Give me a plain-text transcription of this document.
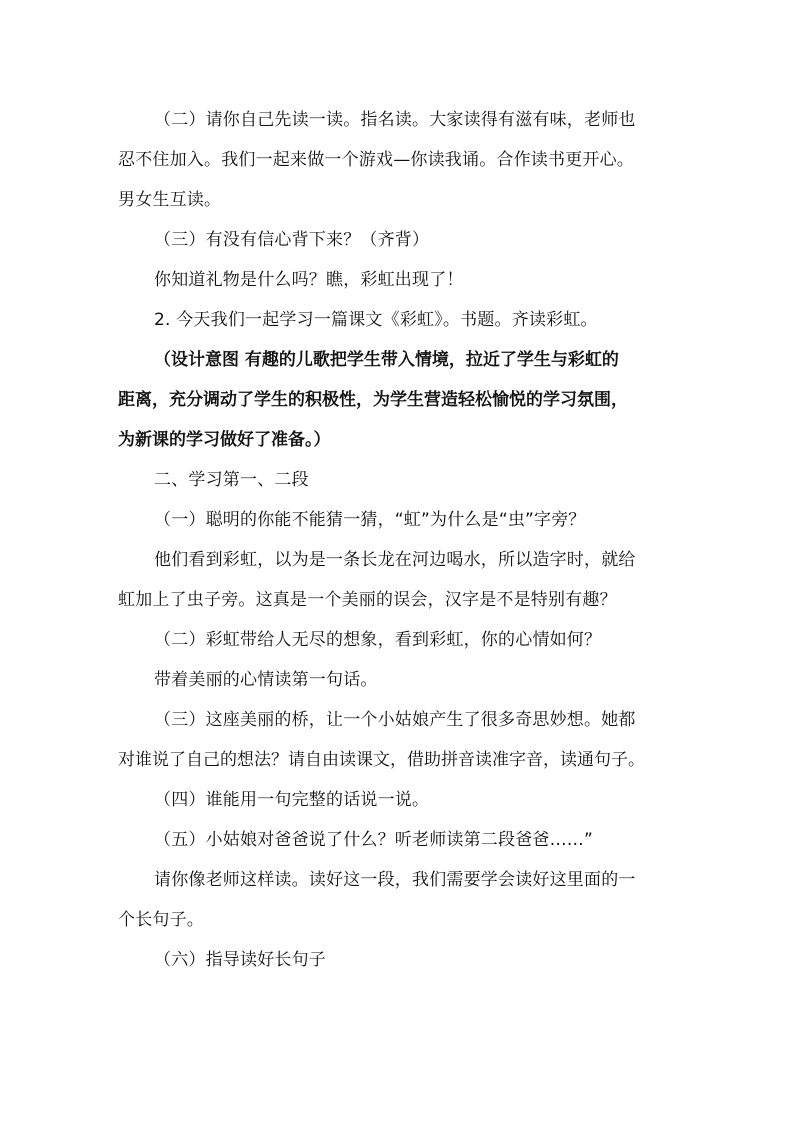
（二）请你自己先读一读。指名读。大家读得有滋有味，老师也
忍不住加入。我们一起来做一个游戏—你读我诵。合作读书更开心。
男女生互读。
（三）有没有信心背下来？（齐背）
你知道礼物是什么吗？瞧，彩虹出现了！
2. 今天我们一起学习一篇课文《彩虹》。书题。齐读彩虹。
（设计意图 有趣的儿歌把学生带入情境，拉近了学生与彩虹的
距离，充分调动了学生的积极性，为学生营造轻松愉悦的学习氛围，
为新课的学习做好了准备。）
二、学习第一、二段
（一）聪明的你能不能猜一猜，“虹”为什么是“虫”字旁？
他们看到彩虹，以为是一条长龙在河边喝水，所以造字时，就给
虹加上了虫子旁。这真是一个美丽的误会，汉字是不是特别有趣？
（二）彩虹带给人无尽的想象，看到彩虹，你的心情如何？
带着美丽的心情读第一句话。
（三）这座美丽的桥，让一个小姑娘产生了很多奇思妙想。她都
对谁说了自己的想法？请自由读课文，借助拼音读准字音，读通句子。
（四）谁能用一句完整的话说一说。
（五）小姑娘对爸爸说了什么？听老师读第二段爸爸……”
请你像老师这样读。读好这一段，我们需要学会读好这里面的一
个长句子。
（六）指导读好长句子
